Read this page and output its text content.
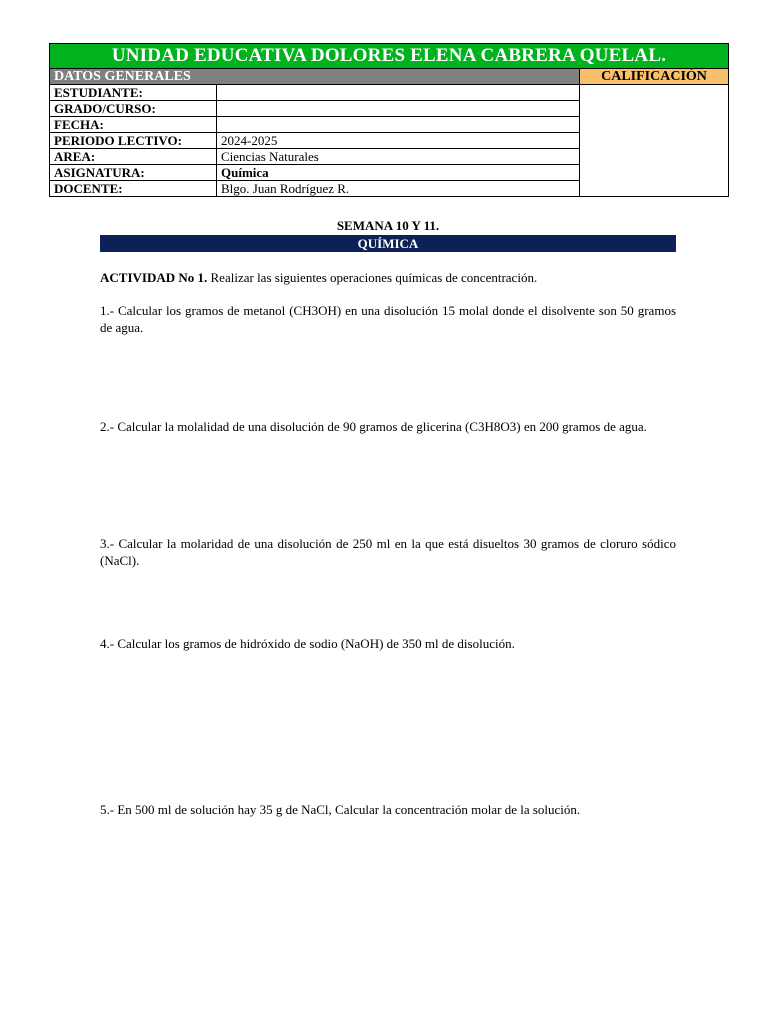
UNIDAD EDUCATIVA DOLORES ELENA CABRERA QUELAL.		
DATOS GENERALES		CALIFICACIÓN
ESTUDIANTE:		
GRADO/CURSO:		
FECHA:		
PERIODO LECTIVO:	2024-2025	
AREA:	Ciencias Naturales	
ASIGNATURA:	Química	
DOCENTE:	Blgo. Juan Rodríguez R.	
SEMANA 10 Y 11.
QUÍMICA
ACTIVIDAD No 1. Realizar las siguientes operaciones químicas de concentración.
1.- Calcular los gramos de metanol (CH3OH) en una disolución 15 molal donde el disolvente son 50 gramos de agua.
2.- Calcular la molalidad de una disolución de 90 gramos de glicerina (C3H8O3) en 200 gramos de agua.
3.- Calcular la molaridad de una disolución de 250 ml en la que está disueltos 30 gramos de cloruro sódico (NaCl).
4.- Calcular los gramos de hidróxido de sodio (NaOH) de 350 ml de disolución.
5.- En 500 ml de solución hay 35 g de NaCl, Calcular la concentración molar de la solución.
